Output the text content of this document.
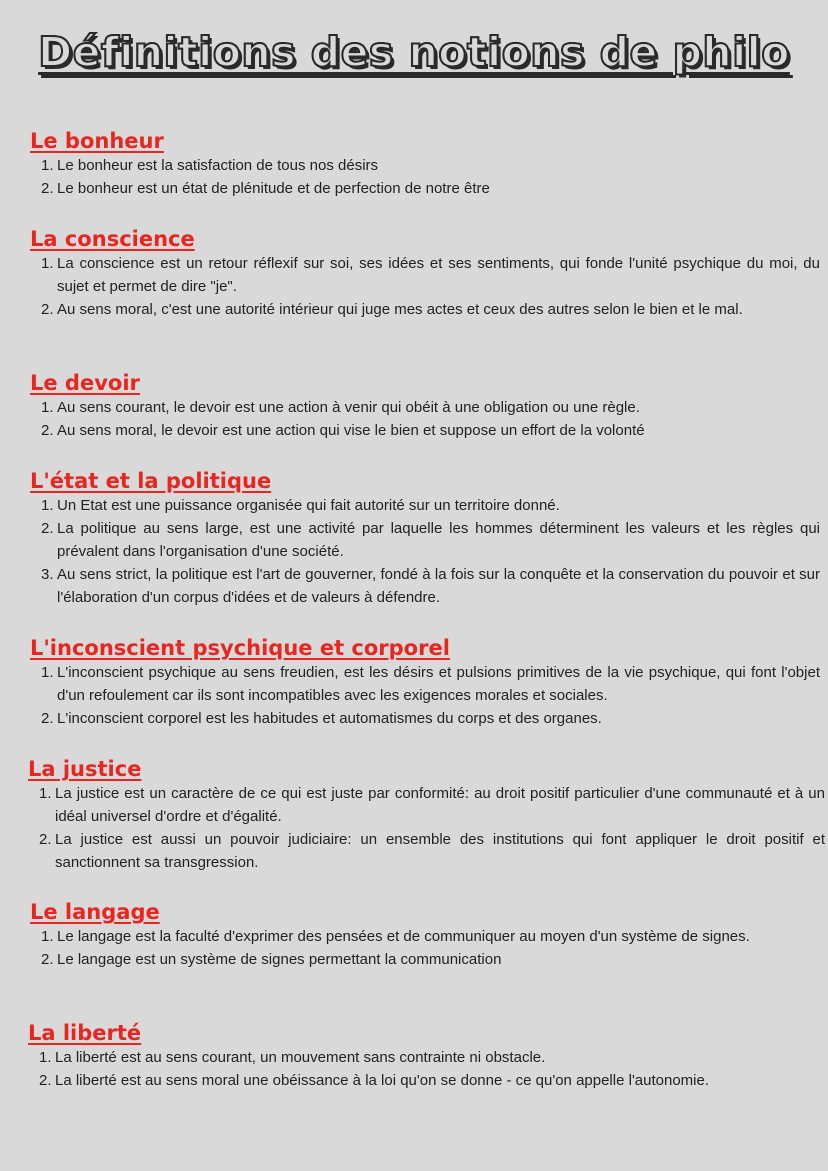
Définitions des notions de philo
Le bonheur
1. Le bonheur est la satisfaction de tous nos désirs
2. Le bonheur est un état de plénitude et de perfection de notre être
La conscience
1. La conscience est un retour réflexif sur soi, ses idées et ses sentiments, qui fonde l'unité psychique du moi, du sujet et permet de dire "je".
2. Au sens moral, c'est une autorité intérieur qui juge mes actes et ceux des autres selon le bien et le mal.
Le devoir
1. Au sens courant, le devoir est une action à venir qui obéit à une obligation ou une règle.
2. Au sens moral, le devoir est une action qui vise le bien et suppose un effort de la volonté
L'état et la politique
1. Un Etat est une puissance organisée qui fait autorité sur un territoire donné.
2. La politique au sens large, est une activité par laquelle les hommes déterminent les valeurs et les règles qui prévalent dans l'organisation d'une société.
3. Au sens strict, la politique est l'art de gouverner, fondé à la fois sur la conquête et la conservation du pouvoir et sur l'élaboration d'un corpus d'idées et de valeurs à défendre.
L'inconscient psychique et corporel
1. L'inconscient psychique au sens freudien, est les désirs et pulsions primitives de la vie psychique, qui font l'objet d'un refoulement car ils sont incompatibles avec les exigences morales et sociales.
2. L'inconscient corporel est les habitudes et automatismes du corps et des organes.
La justice
1. La justice est un caractère de ce qui est juste par conformité: au droit positif particulier d'une communauté et à un idéal universel d'ordre et d'égalité.
2. La justice est aussi un pouvoir judiciaire: un ensemble des institutions qui font appliquer le droit positif et sanctionnent sa transgression.
Le langage
1. Le langage est la faculté d'exprimer des pensées et de communiquer au moyen d'un système de signes.
2. Le langage est un système de signes permettant la communication
La liberté
1. La liberté est au sens courant, un mouvement sans contrainte ni obstacle.
2. La liberté est au sens moral une obéissance à la loi qu'on se donne - ce qu'on appelle l'autonomie.
